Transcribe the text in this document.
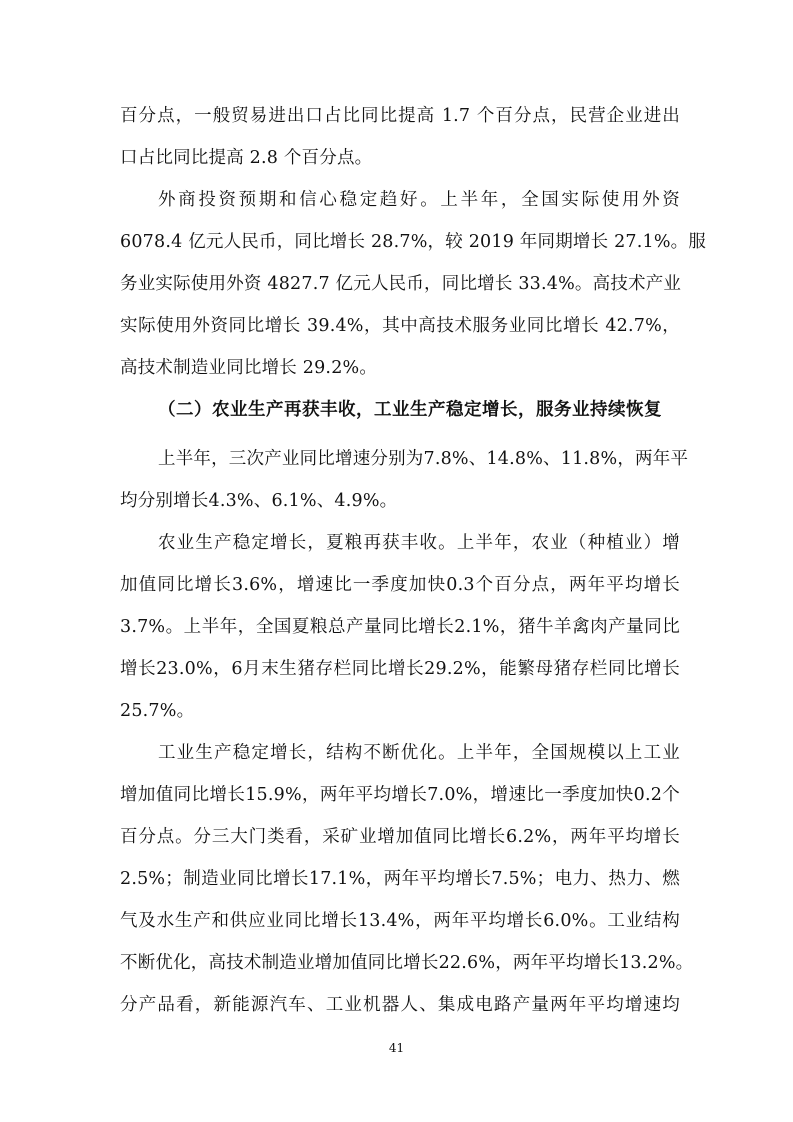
百分点，一般贸易进出口占比同比提高 1.7 个百分点，民营企业进出
口占比同比提高 2.8 个百分点。
外商投资预期和信心稳定趋好。上半年，全国实际使用外资
6078.4 亿元人民币，同比增长 28.7%，较 2019 年同期增长 27.1%。服
务业实际使用外资 4827.7 亿元人民币，同比增长 33.4%。高技术产业
实际使用外资同比增长 39.4%，其中高技术服务业同比增长 42.7%，
高技术制造业同比增长 29.2%。
（二）农业生产再获丰收，工业生产稳定增长，服务业持续恢复
上半年，三次产业同比增速分别为7.8%、14.8%、11.8%，两年平
均分别增长4.3%、6.1%、4.9%。
农业生产稳定增长，夏粮再获丰收。上半年，农业（种植业）增
加值同比增长3.6%，增速比一季度加快0.3个百分点，两年平均增长
3.7%。上半年，全国夏粮总产量同比增长2.1%，猪牛羊禽肉产量同比
增长23.0%，6月末生猪存栏同比增长29.2%，能繁母猪存栏同比增长
25.7%。
工业生产稳定增长，结构不断优化。上半年，全国规模以上工业
增加值同比增长15.9%，两年平均增长7.0%，增速比一季度加快0.2个
百分点。分三大门类看，采矿业增加值同比增长6.2%，两年平均增长
2.5%；制造业同比增长17.1%，两年平均增长7.5%；电力、热力、燃
气及水生产和供应业同比增长13.4%，两年平均增长6.0%。工业结构
不断优化，高技术制造业增加值同比增长22.6%，两年平均增长13.2%。
分产品看，新能源汽车、工业机器人、集成电路产量两年平均增速均
41
